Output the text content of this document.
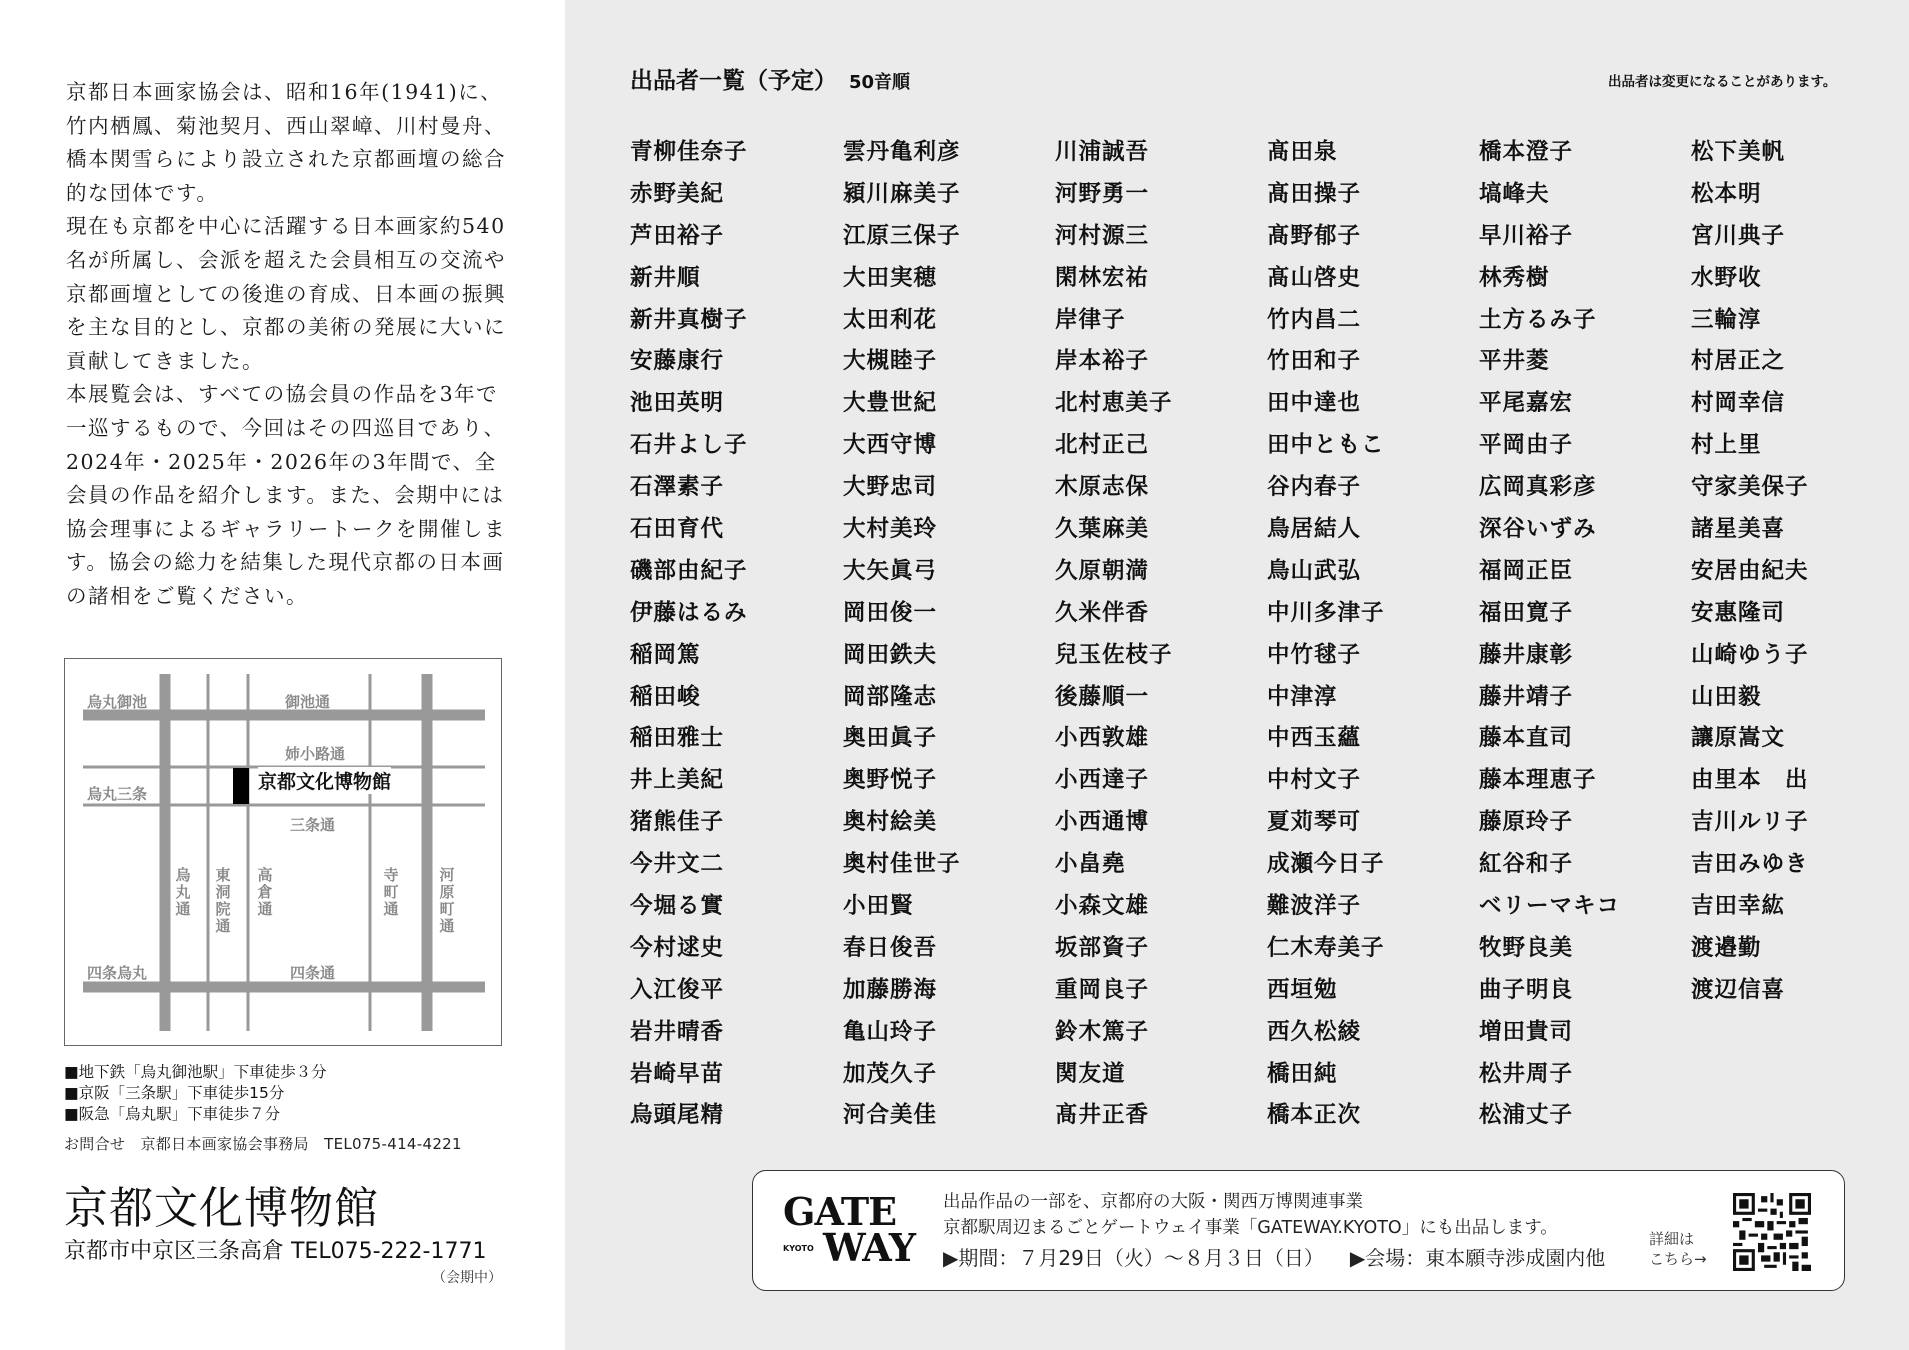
京都日本画家協会は、昭和16年(1941)に、竹内栖鳳、菊池契月、西山翠嶂、川村曼舟、橋本関雪らにより設立された京都画壇の総合的な団体です。

現在も京都を中心に活躍する日本画家約540名が所属し、会派を超えた会員相互の交流や京都画壇としての後進の育成、日本画の振興を主な目的とし、京都の美術の発展に大いに貢献してきました。

本展覧会は、すべての協会員の作品を3年で一巡するもので、今回はその四巡目であり、2024年・2025年・2026年の3年間で、全会員の作品を紹介します。また、会期中には協会理事によるギャラリートークを開催します。協会の総力を結集した現代京都の日本画の諸相をご覧ください。

烏丸御池	御池通
姉小路通
烏丸三条
三条通
四条烏丸	四条通
烏丸通
東洞院通
高倉通
寺町通
河原町通
京都文化博物館
■地下鉄「烏丸御池駅」下車徒歩３分
■京阪「三条駅」下車徒歩15分
■阪急「烏丸駅」下車徒歩７分
お問合せ　京都日本画家協会事務局　TEL075-414-4221
京都文化博物館
京都市中京区三条高倉 TEL075-222-1771
（会期中）
出品者一覧（予定） 50音順	出品者は変更になることがあります。
青柳佳奈子
赤野美紀
芦田裕子
新井順
新井真樹子
安藤康行
池田英明
石井よし子
石澤素子
石田育代
磯部由紀子
伊藤はるみ
稲岡篤
稲田峻
稲田雅士
井上美紀
猪熊佳子
今井文二
今堀る實
今村逑史
入江俊平
岩井晴香
岩崎早苗
烏頭尾精
雲丹亀利彦
潁川麻美子
江原三保子
大田実穂
太田利花
大槻睦子
大豊世紀
大西守博
大野忠司
大村美玲
大矢眞弓
岡田俊一
岡田鉄夫
岡部隆志
奥田眞子
奥野悦子
奥村絵美
奥村佳世子
小田賢
春日俊吾
加藤勝海
亀山玲子
加茂久子
河合美佳
川浦誠吾
河野勇一
河村源三
閑林宏祐
岸律子
岸本裕子
北村恵美子
北村正己
木原志保
久葉麻美
久原朝満
久米伴香
兒玉佐枝子
後藤順一
小西敦雄
小西達子
小西通博
小畠堯
小森文雄
坂部資子
重岡良子
鈴木篤子
関友道
髙井正香
髙田泉
髙田操子
髙野郁子
髙山啓史
竹内昌二
竹田和子
田中達也
田中ともこ
谷内春子
鳥居結人
鳥山武弘
中川多津子
中竹毬子
中津淳
中西玉蘊
中村文子
夏苅琴可
成瀬今日子
難波洋子
仁木寿美子
西垣勉
西久松綾
橋田純
橋本正次
橋本澄子
塙峰夫
早川裕子
林秀樹
土方るみ子
平井菱
平尾嘉宏
平岡由子
広岡真彩彦
深谷いずみ
福岡正臣
福田寛子
藤井康彰
藤井靖子
藤本直司
藤本理恵子
藤原玲子
紅谷和子
ベリーマキコ
牧野良美
曲子明良
増田貴司
松井周子
松浦丈子
松下美帆
松本明
宮川典子
水野收
三輪淳
村居正之
村岡幸信
村上里
守家美保子
諸星美喜
安居由紀夫
安惠隆司
山崎ゆう子
山田毅
讓原嵩文
由里本　出
吉川ルリ子
吉田みゆき
吉田幸紘
渡邉勤
渡辺信喜
GATE
KYOTO WAY
出品作品の一部を、京都府の大阪・関西万博関連事業
京都駅周辺まるごとゲートウェイ事業「GATEWAY.KYOTO」にも出品します。
▶期間：７月29日（火）～８月３日（日） ▶会場：東本願寺渉成園内他
詳細は
こちら→
